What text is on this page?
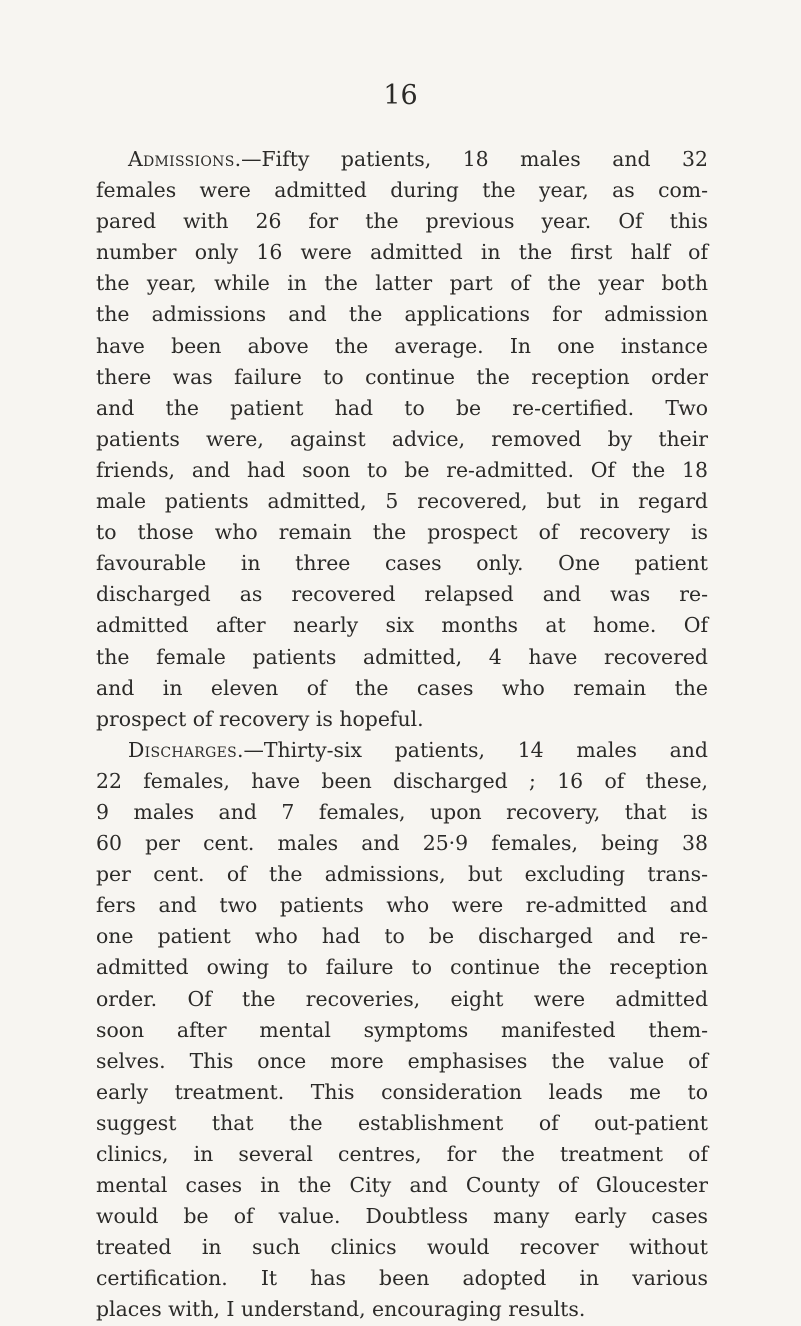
16
Admissions.—Fifty patients, 18 males and 32
females were admitted during the year, as com-
pared with 26 for the previous year. Of this
number only 16 were admitted in the first half of
the year, while in the latter part of the year both
the admissions and the applications for admission
have been above the average. In one instance
there was failure to continue the reception order
and the patient had to be re-certified. Two
patients were, against advice, removed by their
friends, and had soon to be re-admitted. Of the 18
male patients admitted, 5 recovered, but in regard
to those who remain the prospect of recovery is
favourable in three cases only. One patient
discharged as recovered relapsed and was re-
admitted after nearly six months at home. Of
the female patients admitted, 4 have recovered
and in eleven of the cases who remain the
prospect of recovery is hopeful.
Discharges.—Thirty-six patients, 14 males and
22 females, have been discharged ; 16 of these,
9 males and 7 females, upon recovery, that is
60 per cent. males and 25·9 females, being 38
per cent. of the admissions, but excluding trans-
fers and two patients who were re-admitted and
one patient who had to be discharged and re-
admitted owing to failure to continue the reception
order. Of the recoveries, eight were admitted
soon after mental symptoms manifested them-
selves. This once more emphasises the value of
early treatment. This consideration leads me to
suggest that the establishment of out-patient
clinics, in several centres, for the treatment of
mental cases in the City and County of Gloucester
would be of value. Doubtless many early cases
treated in such clinics would recover without
certification. It has been adopted in various
places with, I understand, encouraging results.
